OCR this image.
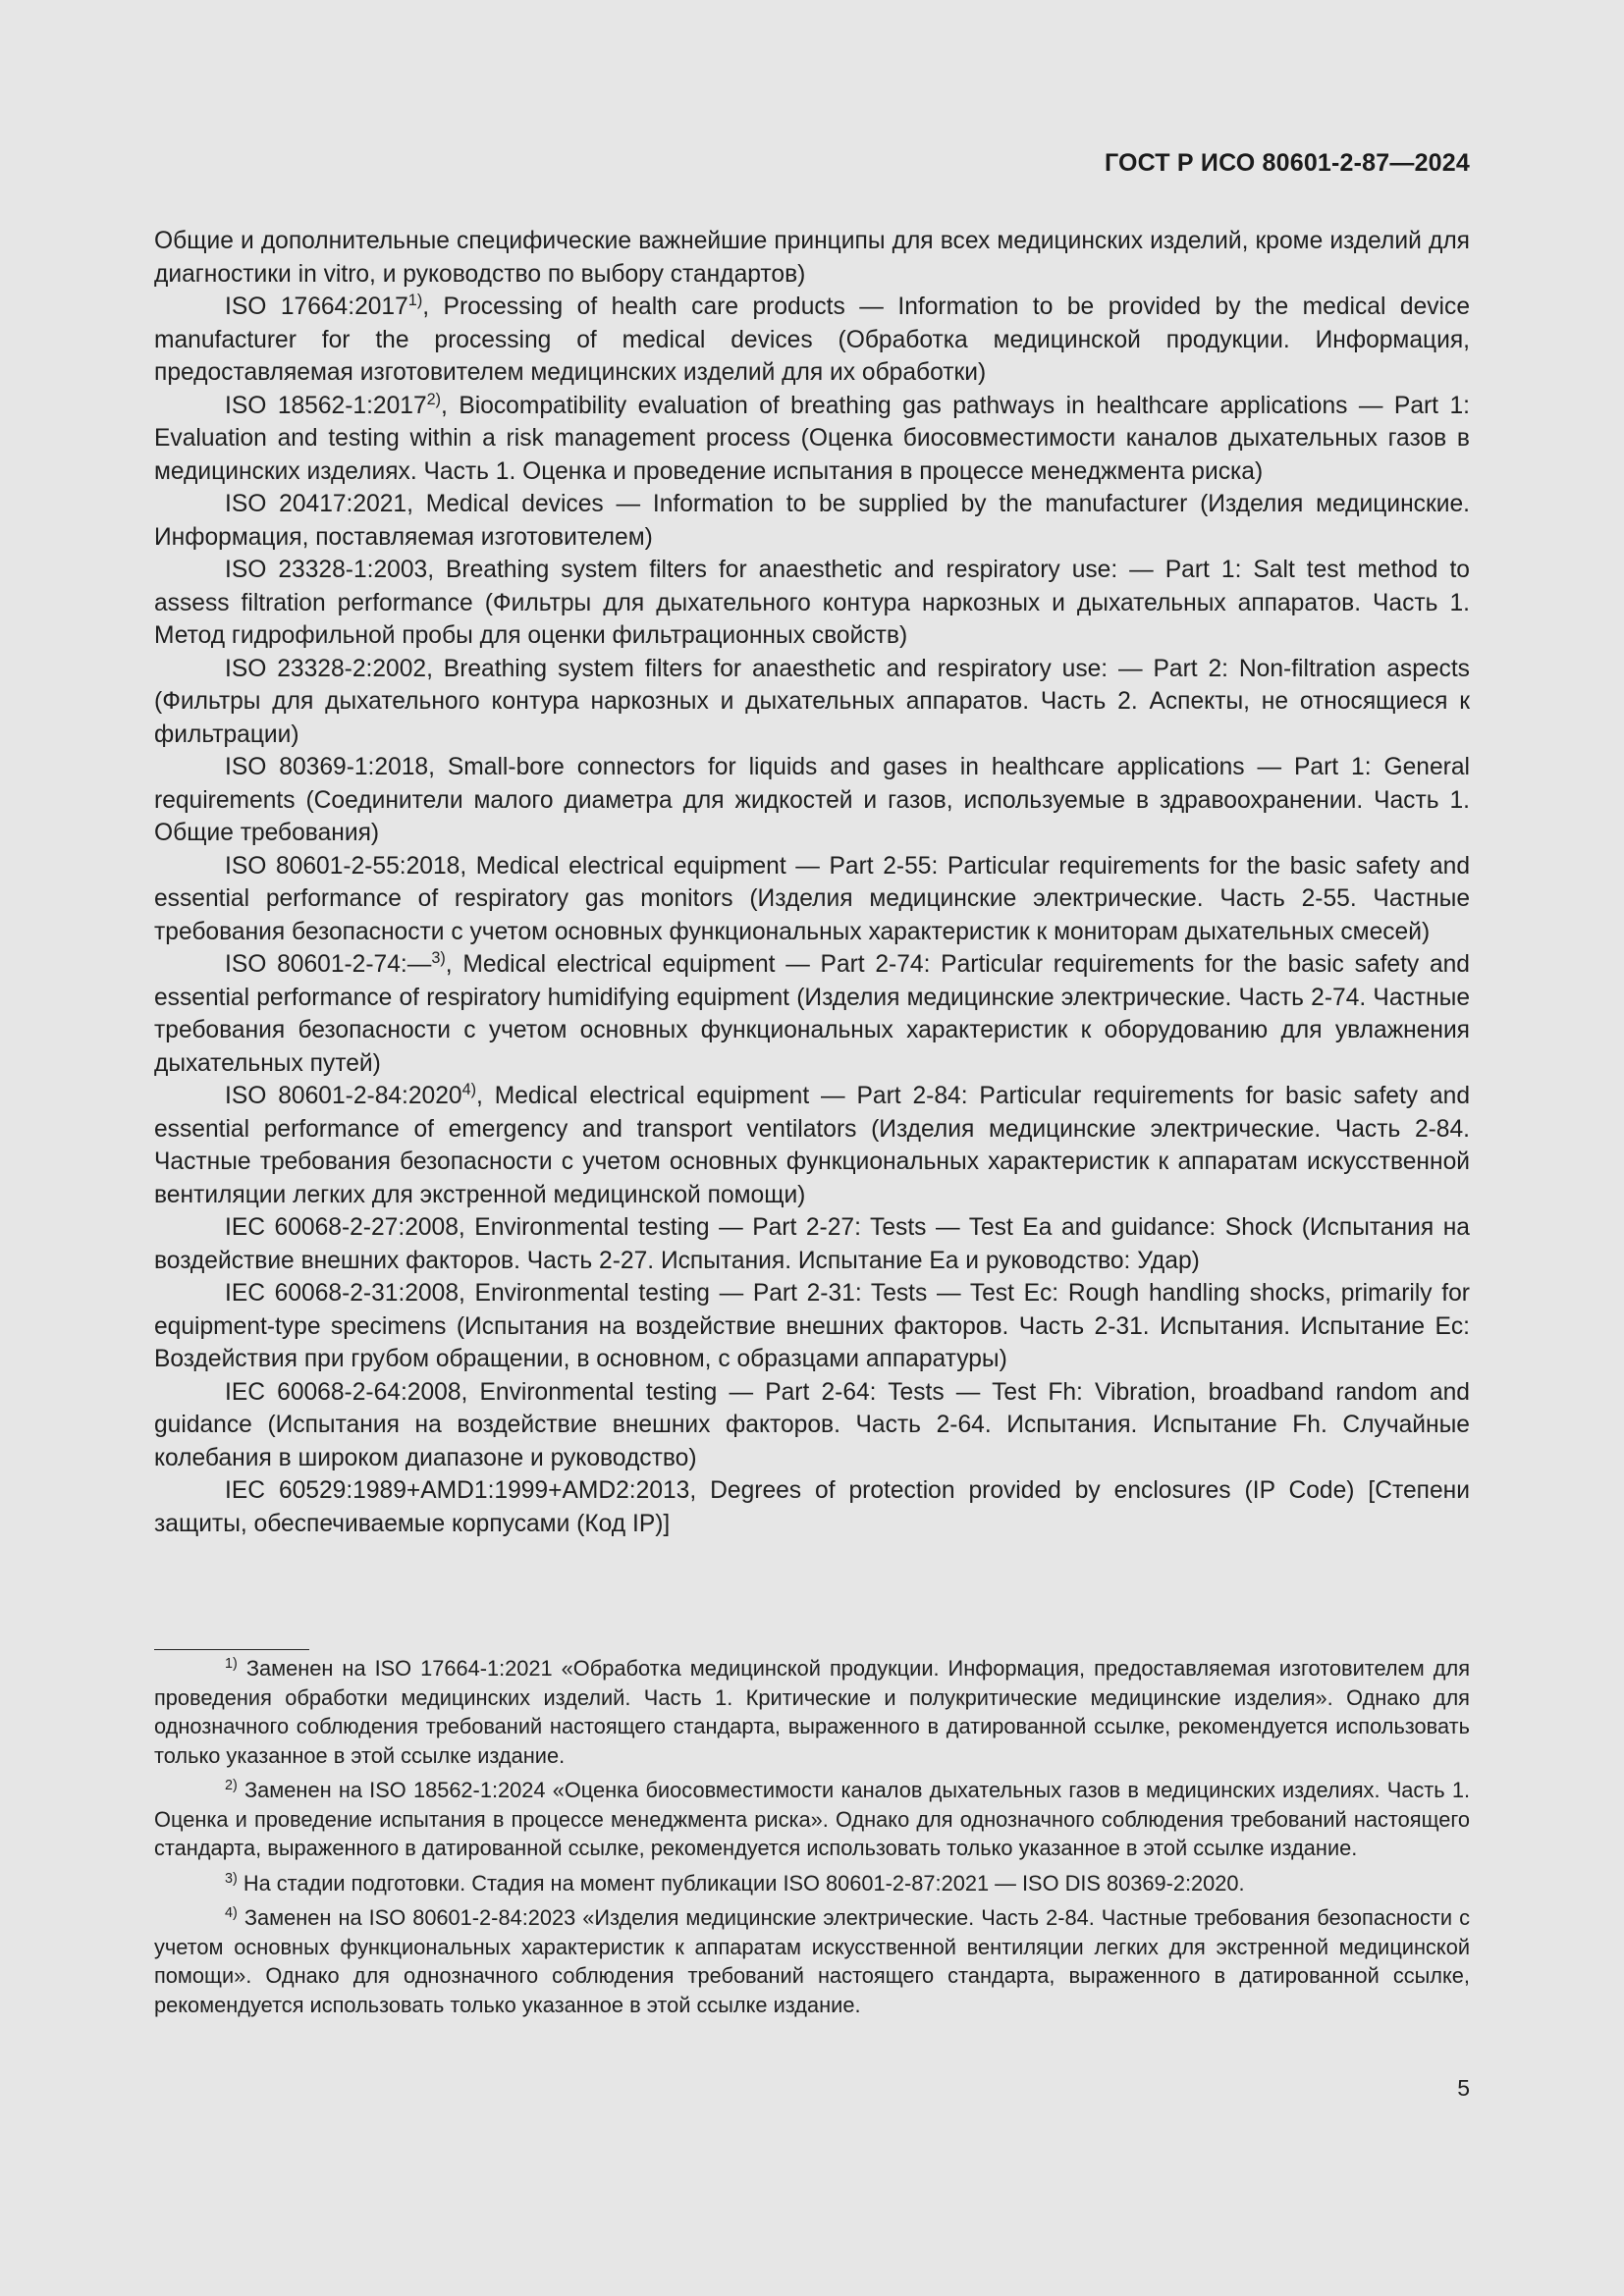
ГОСТ Р ИСО 80601-2-87—2024

Общие и дополнительные специфические важнейшие принципы для всех медицинских изделий, кроме изделий для диагностики in vitro, и руководство по выбору стандартов)

ISO 17664:2017$^{1)}$, Processing of health care products — Information to be provided by the medical device manufacturer for the processing of medical devices (Обработка медицинской продукции. Информация, предоставляемая изготовителем медицинских изделий для их обработки)

ISO 18562-1:2017$^{2)}$, Biocompatibility evaluation of breathing gas pathways in healthcare applications — Part 1: Evaluation and testing within a risk management process (Оценка биосовместимости каналов дыхательных газов в медицинских изделиях. Часть 1. Оценка и проведение испытания в процессе менеджмента риска)

ISO 20417:2021, Medical devices — Information to be supplied by the manufacturer (Изделия медицинские. Информация, поставляемая изготовителем)

ISO 23328-1:2003, Breathing system filters for anaesthetic and respiratory use: — Part 1: Salt test method to assess filtration performance (Фильтры для дыхательного контура наркозных и дыхательных аппаратов. Часть 1. Метод гидрофильной пробы для оценки фильтрационных свойств)

ISO 23328-2:2002, Breathing system filters for anaesthetic and respiratory use: — Part 2: Non-filtration aspects (Фильтры для дыхательного контура наркозных и дыхательных аппаратов. Часть 2. Аспекты, не относящиеся к фильтрации)

ISO 80369-1:2018, Small-bore connectors for liquids and gases in healthcare applications — Part 1: General requirements (Соединители малого диаметра для жидкостей и газов, используемые в здравоохранении. Часть 1. Общие требования)

ISO 80601-2-55:2018, Medical electrical equipment — Part 2-55: Particular requirements for the basic safety and essential performance of respiratory gas monitors (Изделия медицинские электрические. Часть 2-55. Частные требования безопасности с учетом основных функциональных характеристик к мониторам дыхательных смесей)

ISO 80601-2-74:—$^{3)}$, Medical electrical equipment — Part 2-74: Particular requirements for the basic safety and essential performance of respiratory humidifying equipment (Изделия медицинские электрические. Часть 2-74. Частные требования безопасности с учетом основных функциональных характеристик к оборудованию для увлажнения дыхательных путей)

ISO 80601-2-84:2020$^{4)}$, Medical electrical equipment — Part 2-84: Particular requirements for basic safety and essential performance of emergency and transport ventilators (Изделия медицинские электрические. Часть 2-84. Частные требования безопасности с учетом основных функциональных характеристик к аппаратам искусственной вентиляции легких для экстренной медицинской помощи)

IEC 60068-2-27:2008, Environmental testing — Part 2-27: Tests — Test Ea and guidance: Shock (Испытания на воздействие внешних факторов. Часть 2-27. Испытания. Испытание Ea и руководство: Удар)

IEC 60068-2-31:2008, Environmental testing — Part 2-31: Tests — Test Ec: Rough handling shocks, primarily for equipment-type specimens (Испытания на воздействие внешних факторов. Часть 2-31. Испытания. Испытание Ec: Воздействия при грубом обращении, в основном, с образцами аппаратуры)

IEC 60068-2-64:2008, Environmental testing — Part 2-64: Tests — Test Fh: Vibration, broadband random and guidance (Испытания на воздействие внешних факторов. Часть 2-64. Испытания. Испытание Fh. Случайные колебания в широком диапазоне и руководство)

IEC 60529:1989+AMD1:1999+AMD2:2013, Degrees of protection provided by enclosures (IP Code) [Степени защиты, обеспечиваемые корпусами (Код IP)]

$^{1)}$ Заменен на ISO 17664-1:2021 «Обработка медицинской продукции. Информация, предоставляемая изготовителем для проведения обработки медицинских изделий. Часть 1. Критические и полукритические медицинские изделия». Однако для однозначного соблюдения требований настоящего стандарта, выраженного в датированной ссылке, рекомендуется использовать только указанное в этой ссылке издание.

$^{2)}$ Заменен на ISO 18562-1:2024 «Оценка биосовместимости каналов дыхательных газов в медицинских изделиях. Часть 1. Оценка и проведение испытания в процессе менеджмента риска». Однако для однозначного соблюдения требований настоящего стандарта, выраженного в датированной ссылке, рекомендуется использовать только указанное в этой ссылке издание.

$^{3)}$ На стадии подготовки. Стадия на момент публикации ISO 80601-2-87:2021 — ISO DIS 80369-2:2020.

$^{4)}$ Заменен на ISO 80601-2-84:2023 «Изделия медицинские электрические. Часть 2-84. Частные требования безопасности с учетом основных функциональных характеристик к аппаратам искусственной вентиляции легких для экстренной медицинской помощи». Однако для однозначного соблюдения требований настоящего стандарта, выраженного в датированной ссылке, рекомендуется использовать только указанное в этой ссылке издание.

5
